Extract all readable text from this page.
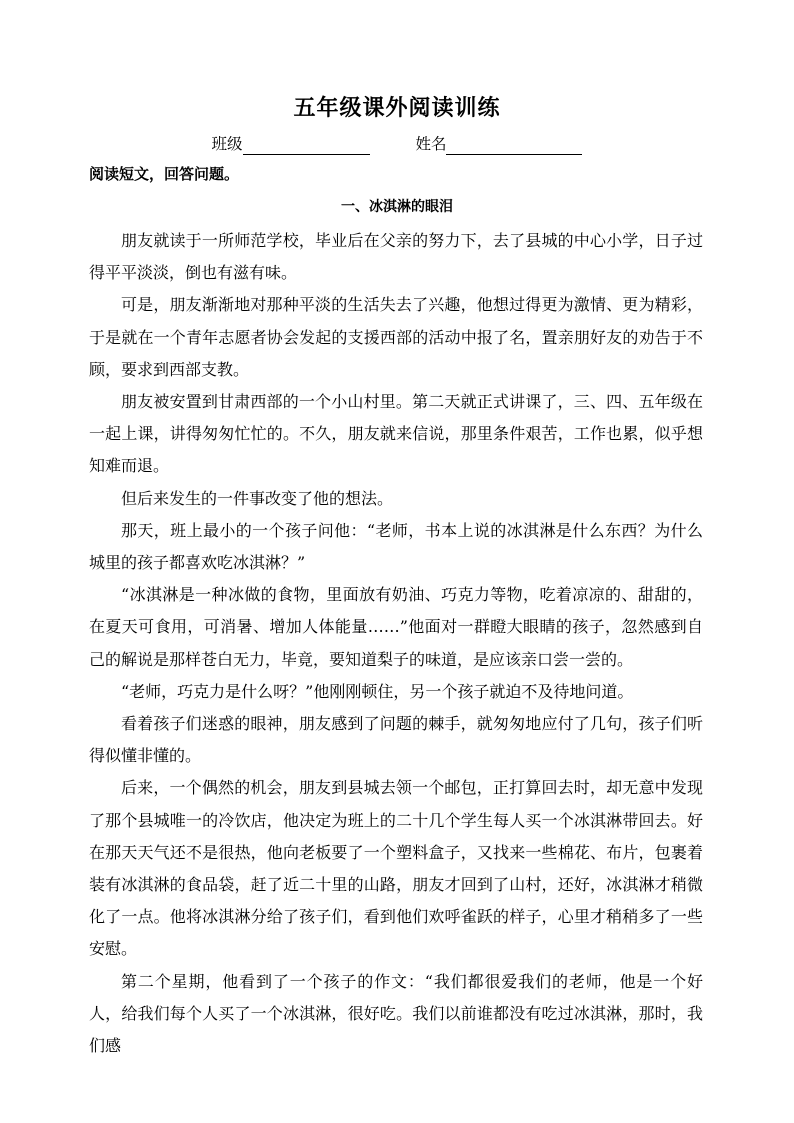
五年级课外阅读训练
班级	姓名
阅读短文，回答问题。
一、冰淇淋的眼泪

朋友就读于一所师范学校，毕业后在父亲的努力下，去了县城的中心小学，日子过得平平淡淡，倒也有滋有味。

可是，朋友渐渐地对那种平淡的生活失去了兴趣，他想过得更为激情、更为精彩，于是就在一个青年志愿者协会发起的支援西部的活动中报了名，置亲朋好友的劝告于不顾，要求到西部支教。

朋友被安置到甘肃西部的一个小山村里。第二天就正式讲课了，三、四、五年级在一起上课，讲得匆匆忙忙的。不久，朋友就来信说，那里条件艰苦，工作也累，似乎想知难而退。

但后来发生的一件事改变了他的想法。

那天，班上最小的一个孩子问他：“老师，书本上说的冰淇淋是什么东西？为什么城里的孩子都喜欢吃冰淇淋？”

“冰淇淋是一种冰做的食物，里面放有奶油、巧克力等物，吃着凉凉的、甜甜的，在夏天可食用，可消暑、增加人体能量……”他面对一群瞪大眼睛的孩子，忽然感到自己的解说是那样苍白无力，毕竟，要知道梨子的味道，是应该亲口尝一尝的。

“老师，巧克力是什么呀？”他刚刚顿住，另一个孩子就迫不及待地问道。

看着孩子们迷惑的眼神，朋友感到了问题的棘手，就匆匆地应付了几句，孩子们听得似懂非懂的。

后来，一个偶然的机会，朋友到县城去领一个邮包，正打算回去时，却无意中发现了那个县城唯一的冷饮店，他决定为班上的二十几个学生每人买一个冰淇淋带回去。好在那天天气还不是很热，他向老板要了一个塑料盒子，又找来一些棉花、布片，包裹着装有冰淇淋的食品袋，赶了近二十里的山路，朋友才回到了山村，还好，冰淇淋才稍微化了一点。他将冰淇淋分给了孩子们，看到他们欢呼雀跃的样子，心里才稍稍多了一些安慰。

第二个星期，他看到了一个孩子的作文：“我们都很爱我们的老师，他是一个好人，给我们每个人买了一个冰淇淋，很好吃。我们以前谁都没有吃过冰淇淋，那时，我们感
